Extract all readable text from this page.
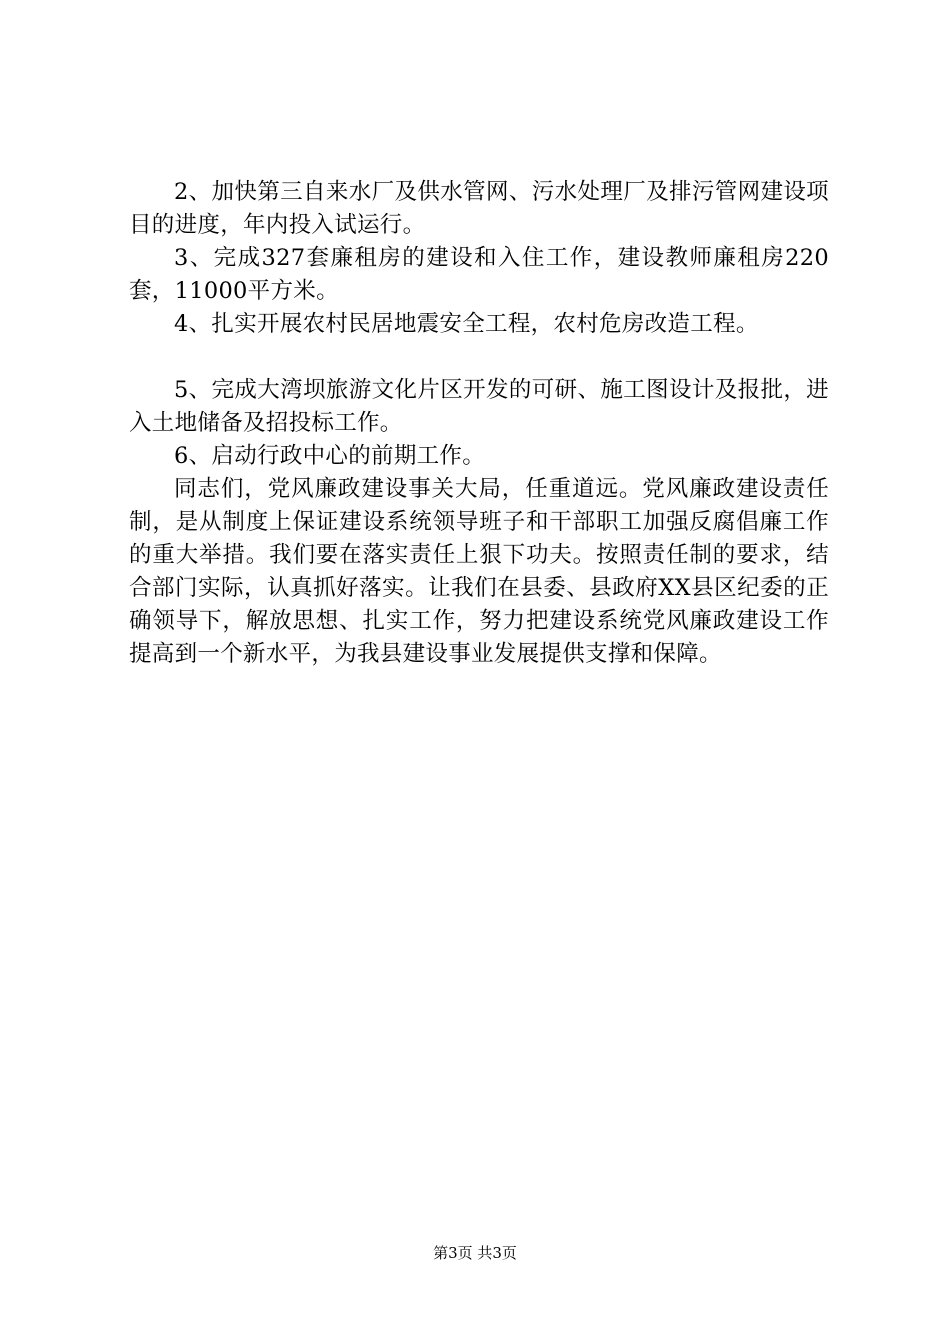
2、加快第三自来水厂及供水管网、污水处理厂及排污管网建设项目的进度，年内投入试运行。

3、完成327套廉租房的建设和入住工作，建设教师廉租房220套，11000平方米。

4、扎实开展农村民居地震安全工程，农村危房改造工程。

5、完成大湾坝旅游文化片区开发的可研、施工图设计及报批，进入土地储备及招投标工作。

6、启动行政中心的前期工作。

同志们，党风廉政建设事关大局，任重道远。党风廉政建设责任制，是从制度上保证建设系统领导班子和干部职工加强反腐倡廉工作的重大举措。我们要在落实责任上狠下功夫。按照责任制的要求，结合部门实际，认真抓好落实。让我们在县委、县政府XX县区纪委的正确领导下，解放思想、扎实工作，努力把建设系统党风廉政建设工作提高到一个新水平，为我县建设事业发展提供支撑和保障。

第3页 共3页
